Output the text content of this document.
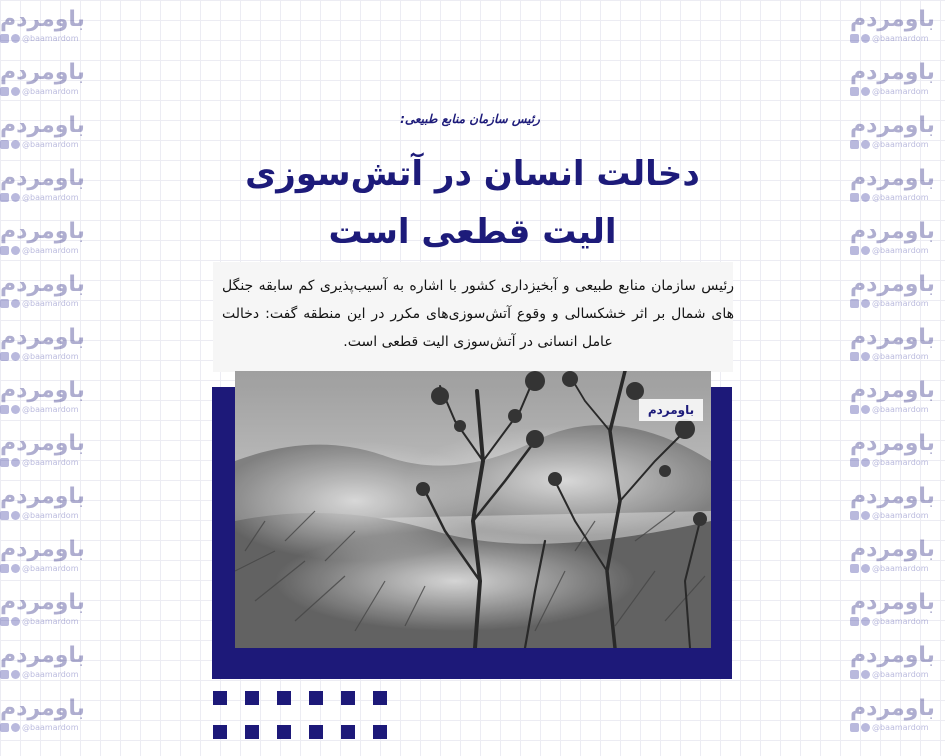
باومردم
@baamardom
باومردم
@baamardom
باومردم
@baamardom
باومردم
@baamardom
باومردم
@baamardom
باومردم
@baamardom
باومردم
@baamardom
باومردم
@baamardom
باومردم
@baamardom
باومردم
@baamardom
باومردم
@baamardom
باومردم
@baamardom
باومردم
@baamardom
باومردم
@baamardom
باومردم
@baamardom
باومردم
@baamardom
باومردم
@baamardom
باومردم
@baamardom
باومردم
@baamardom
باومردم
@baamardom
باومردم
@baamardom
باومردم
@baamardom
باومردم
@baamardom
باومردم
@baamardom
باومردم
@baamardom
باومردم
@baamardom
باومردم
@baamardom
باومردم
@baamardom
رئیس سازمان منابع طبیعی:
دخالت انسان در آتش‌سوزی الیت قطعی است
رئیس سازمان منابع طبیعی و آبخیزداری کشور با اشاره به آسیب‌پذیری کم سابقه جنگل های شمال بر اثر خشکسالی و وقوع آتش‌سوزی‌های مکرر در این منطقه گفت: دخالت عامل انسانی در آتش‌سوزی الیت قطعی است.
باومردم
